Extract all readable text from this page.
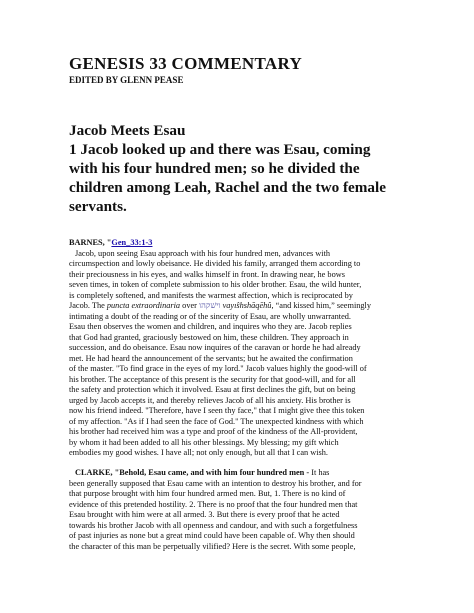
GENESIS 33 COMMENTARY

EDITED BY GLENN PEASE

Jacob Meets Esau
1 Jacob looked up and there was Esau, coming
with his four hundred men; so he divided the
children among Leah, Rachel and the two female
servants.
BARNES, "Gen_33:1-3
Jacob, upon seeing Esau approach with his four hundred men, advances with
circumspection and lowly obeisance. He divided his family, arranged them according to
their preciousness in his eyes, and walks himself in front. In drawing near, he bows
seven times, in token of complete submission to his older brother. Esau, the wild hunter,
is completely softened, and manifests the warmest affection, which is reciprocated by
Jacob. The puncta extraordinaria over וישׁקהו vayı̂shshāqēhû, “and kissed him,” seemingly
intimating a doubt of the reading or of the sincerity of Esau, are wholly unwarranted.
Esau then observes the women and children, and inquires who they are. Jacob replies
that God had granted, graciously bestowed on him, these children. They approach in
succession, and do obeisance. Esau now inquires of the caravan or horde he had already
met. He had heard the announcement of the servants; but he awaited the confirmation
of the master. "To find grace in the eyes of my lord." Jacob values highly the good-will of
his brother. The acceptance of this present is the security for that good-will, and for all
the safety and protection which it involved. Esau at first declines the gift, but on being
urged by Jacob accepts it, and thereby relieves Jacob of all his anxiety. His brother is
now his friend indeed. "Therefore, have I seen thy face," that I might give thee this token
of my affection. "As if I had seen the face of God." The unexpected kindness with which
his brother had received him was a type and proof of the kindness of the All-provident,
by whom it had been added to all his other blessings. My blessing; my gift which
embodies my good wishes. I have all; not only enough, but all that I can wish.
CLARKE, "Behold, Esau came, and with him four hundred men - It has
been generally supposed that Esau came with an intention to destroy his brother, and for
that purpose brought with him four hundred armed men. But, 1. There is no kind of
evidence of this pretended hostility. 2. There is no proof that the four hundred men that
Esau brought with him were at all armed. 3. But there is every proof that he acted
towards his brother Jacob with all openness and candour, and with such a forgetfulness
of past injuries as none but a great mind could have been capable of. Why then should
the character of this man be perpetually vilified? Here is the secret. With some people,
